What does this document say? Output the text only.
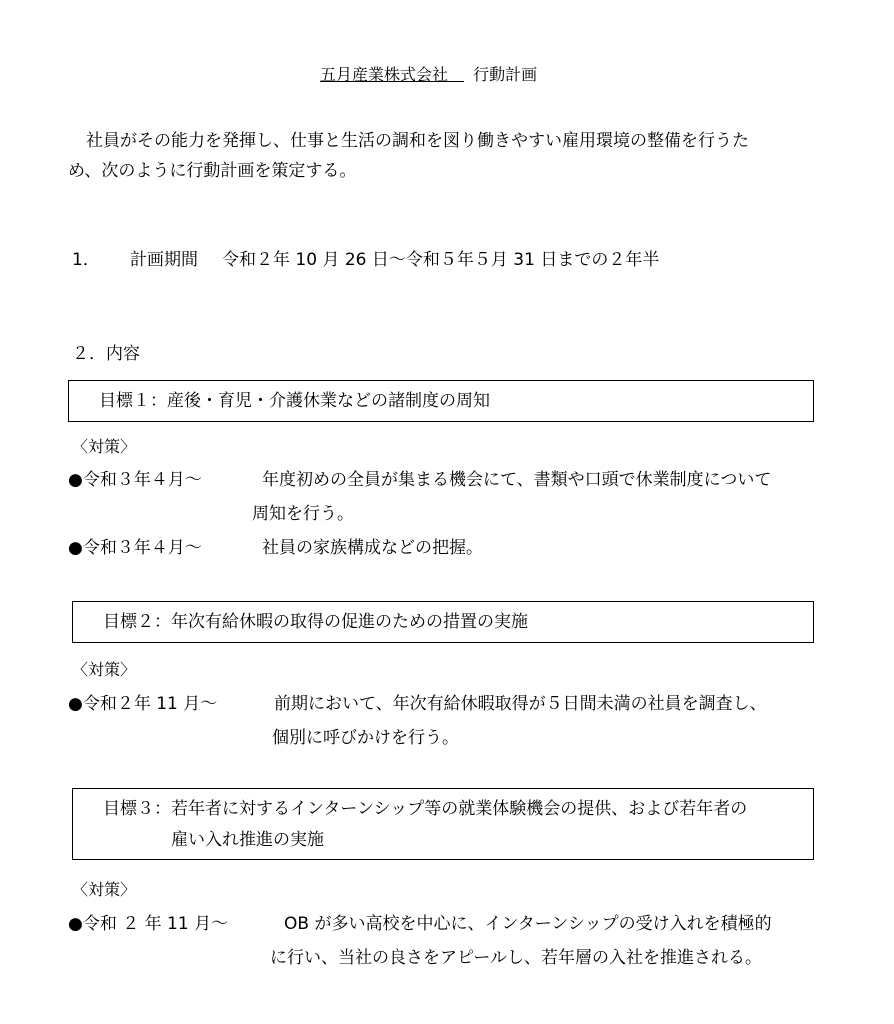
五月産業株式会社　 行動計画

社員がその能力を発揮し、仕事と生活の調和を図り働きやすい雇用環境の整備を行うた

め、次のように行動計画を策定する。

1． 計画期間 令和２年 10 月 26 日～令和５年５月 31 日までの２年半
２．内容
目標１：産後・育児・介護休業などの諸制度の周知
〈対策〉
●令和３年４月～	年度初めの全員が集まる機会にて、書類や口頭で休業制度について
周知を行う。
●令和３年４月～	社員の家族構成などの把握。
目標２：年次有給休暇の取得の促進のための措置の実施
〈対策〉
●令和２年 11 月～	前期において、年次有給休暇取得が５日間未満の社員を調査し、
個別に呼びかけを行う。
目標３：若年者に対するインターンシップ等の就業体験機会の提供、および若年者の
雇い入れ推進の実施
〈対策〉
●令和 ２ 年 11 月～	OB が多い高校を中心に、インターンシップの受け入れを積極的
に行い、当社の良さをアピールし、若年層の入社を推進される。
